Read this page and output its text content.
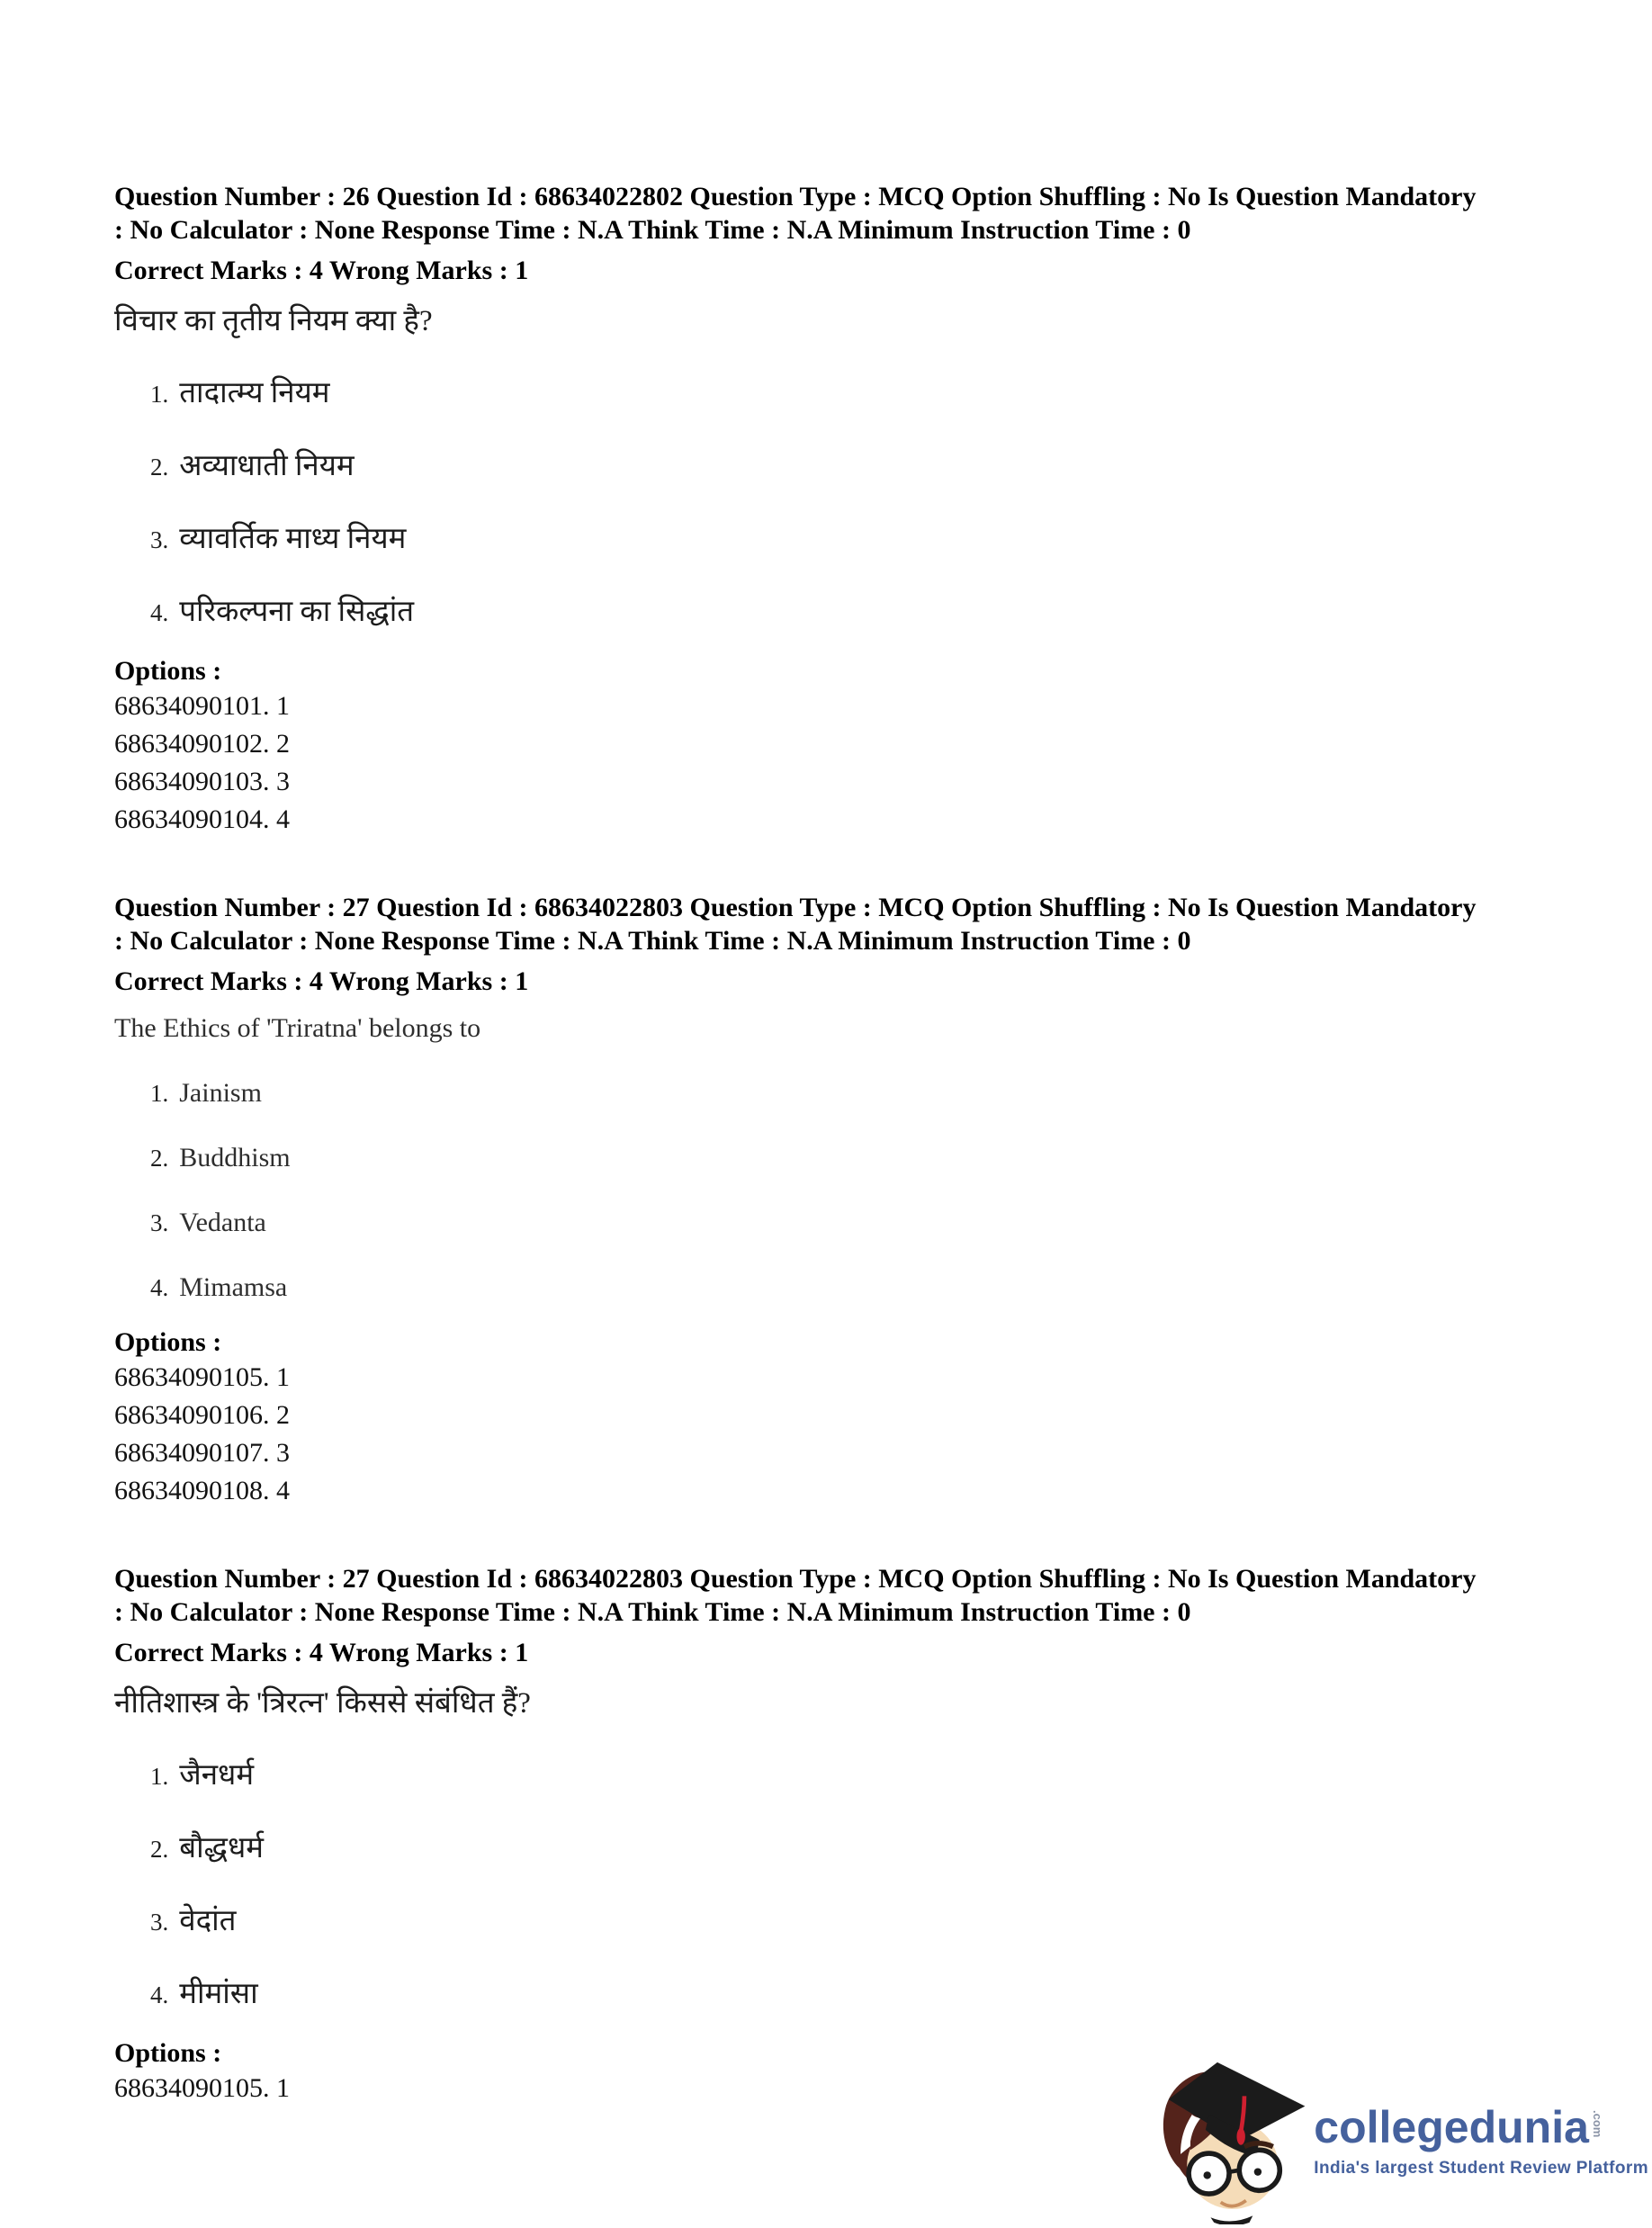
Question Number : 26 Question Id : 68634022802 Question Type : MCQ Option Shuffling : No Is Question Mandatory
: No Calculator : None Response Time : N.A Think Time : N.A Minimum Instruction Time : 0
Correct Marks : 4 Wrong Marks : 1
विचार का तृतीय नियम क्या है?
1. तादात्म्य नियम
2. अव्याधाती नियम
3. व्यावर्तिक माध्य नियम
4. परिकल्पना का सिद्धांत
Options :
68634090101. 1
68634090102. 2
68634090103. 3
68634090104. 4
Question Number : 27 Question Id : 68634022803 Question Type : MCQ Option Shuffling : No Is Question Mandatory
: No Calculator : None Response Time : N.A Think Time : N.A Minimum Instruction Time : 0
Correct Marks : 4 Wrong Marks : 1
The Ethics of 'Triratna' belongs to
1. Jainism
2. Buddhism
3. Vedanta
4. Mimamsa
Options :
68634090105. 1
68634090106. 2
68634090107. 3
68634090108. 4
Question Number : 27 Question Id : 68634022803 Question Type : MCQ Option Shuffling : No Is Question Mandatory
: No Calculator : None Response Time : N.A Think Time : N.A Minimum Instruction Time : 0
Correct Marks : 4 Wrong Marks : 1
नीतिशास्त्र के 'त्रिरत्न' किससे संबंधित हैं?
1. जैनधर्म
2. बौद्धधर्म
3. वेदांत
4. मीमांसा
Options :
68634090105. 1
collegedunia .com
India's largest Student Review Platform
